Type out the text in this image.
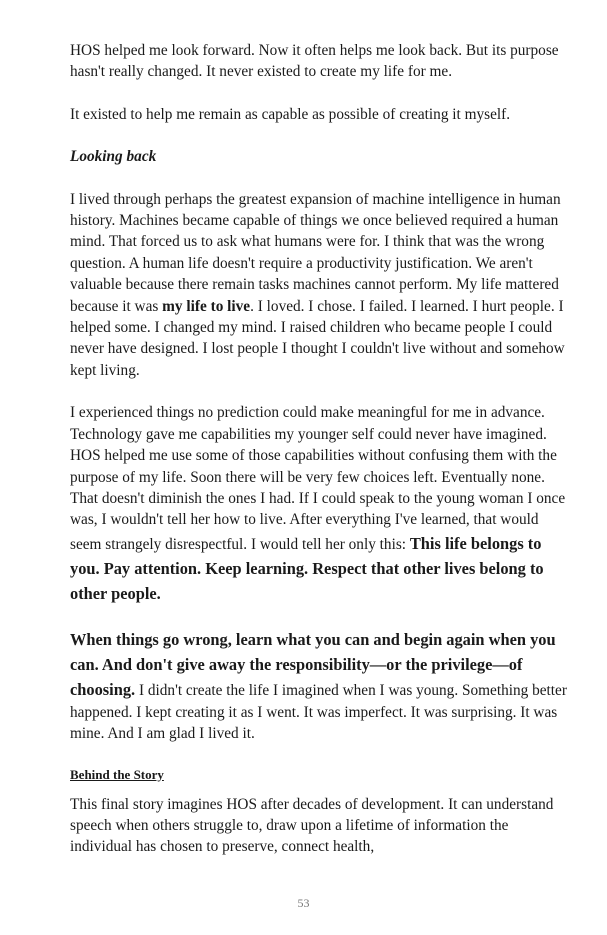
HOS helped me look forward. Now it often helps me look back. But its purpose hasn't really changed. It never existed to create my life for me.

It existed to help me remain as capable as possible of creating it myself.

Looking back

I lived through perhaps the greatest expansion of machine intelligence in human history. Machines became capable of things we once believed required a human mind. That forced us to ask what humans were for. I think that was the wrong question. A human life doesn't require a productivity justification. We aren't valuable because there remain tasks machines cannot perform. My life mattered because it was my life to live. I loved. I chose. I failed. I learned. I hurt people. I helped some. I changed my mind. I raised children who became people I could never have designed. I lost people I thought I couldn't live without and somehow kept living.

I experienced things no prediction could make meaningful for me in advance. Technology gave me capabilities my younger self could never have imagined. HOS helped me use some of those capabilities without confusing them with the purpose of my life. Soon there will be very few choices left. Eventually none. That doesn't diminish the ones I had. If I could speak to the young woman I once was, I wouldn't tell her how to live. After everything I've learned, that would seem strangely disrespectful. I would tell her only this: This life belongs to you. Pay attention. Keep learning. Respect that other lives belong to other people.

When things go wrong, learn what you can and begin again when you can. And don't give away the responsibility—or the privilege—of choosing. I didn't create the life I imagined when I was young. Something better happened. I kept creating it as I went. It was imperfect. It was surprising. It was mine. And I am glad I lived it.

Behind the Story

This final story imagines HOS after decades of development. It can understand speech when others struggle to, draw upon a lifetime of information the individual has chosen to preserve, connect health,

53
